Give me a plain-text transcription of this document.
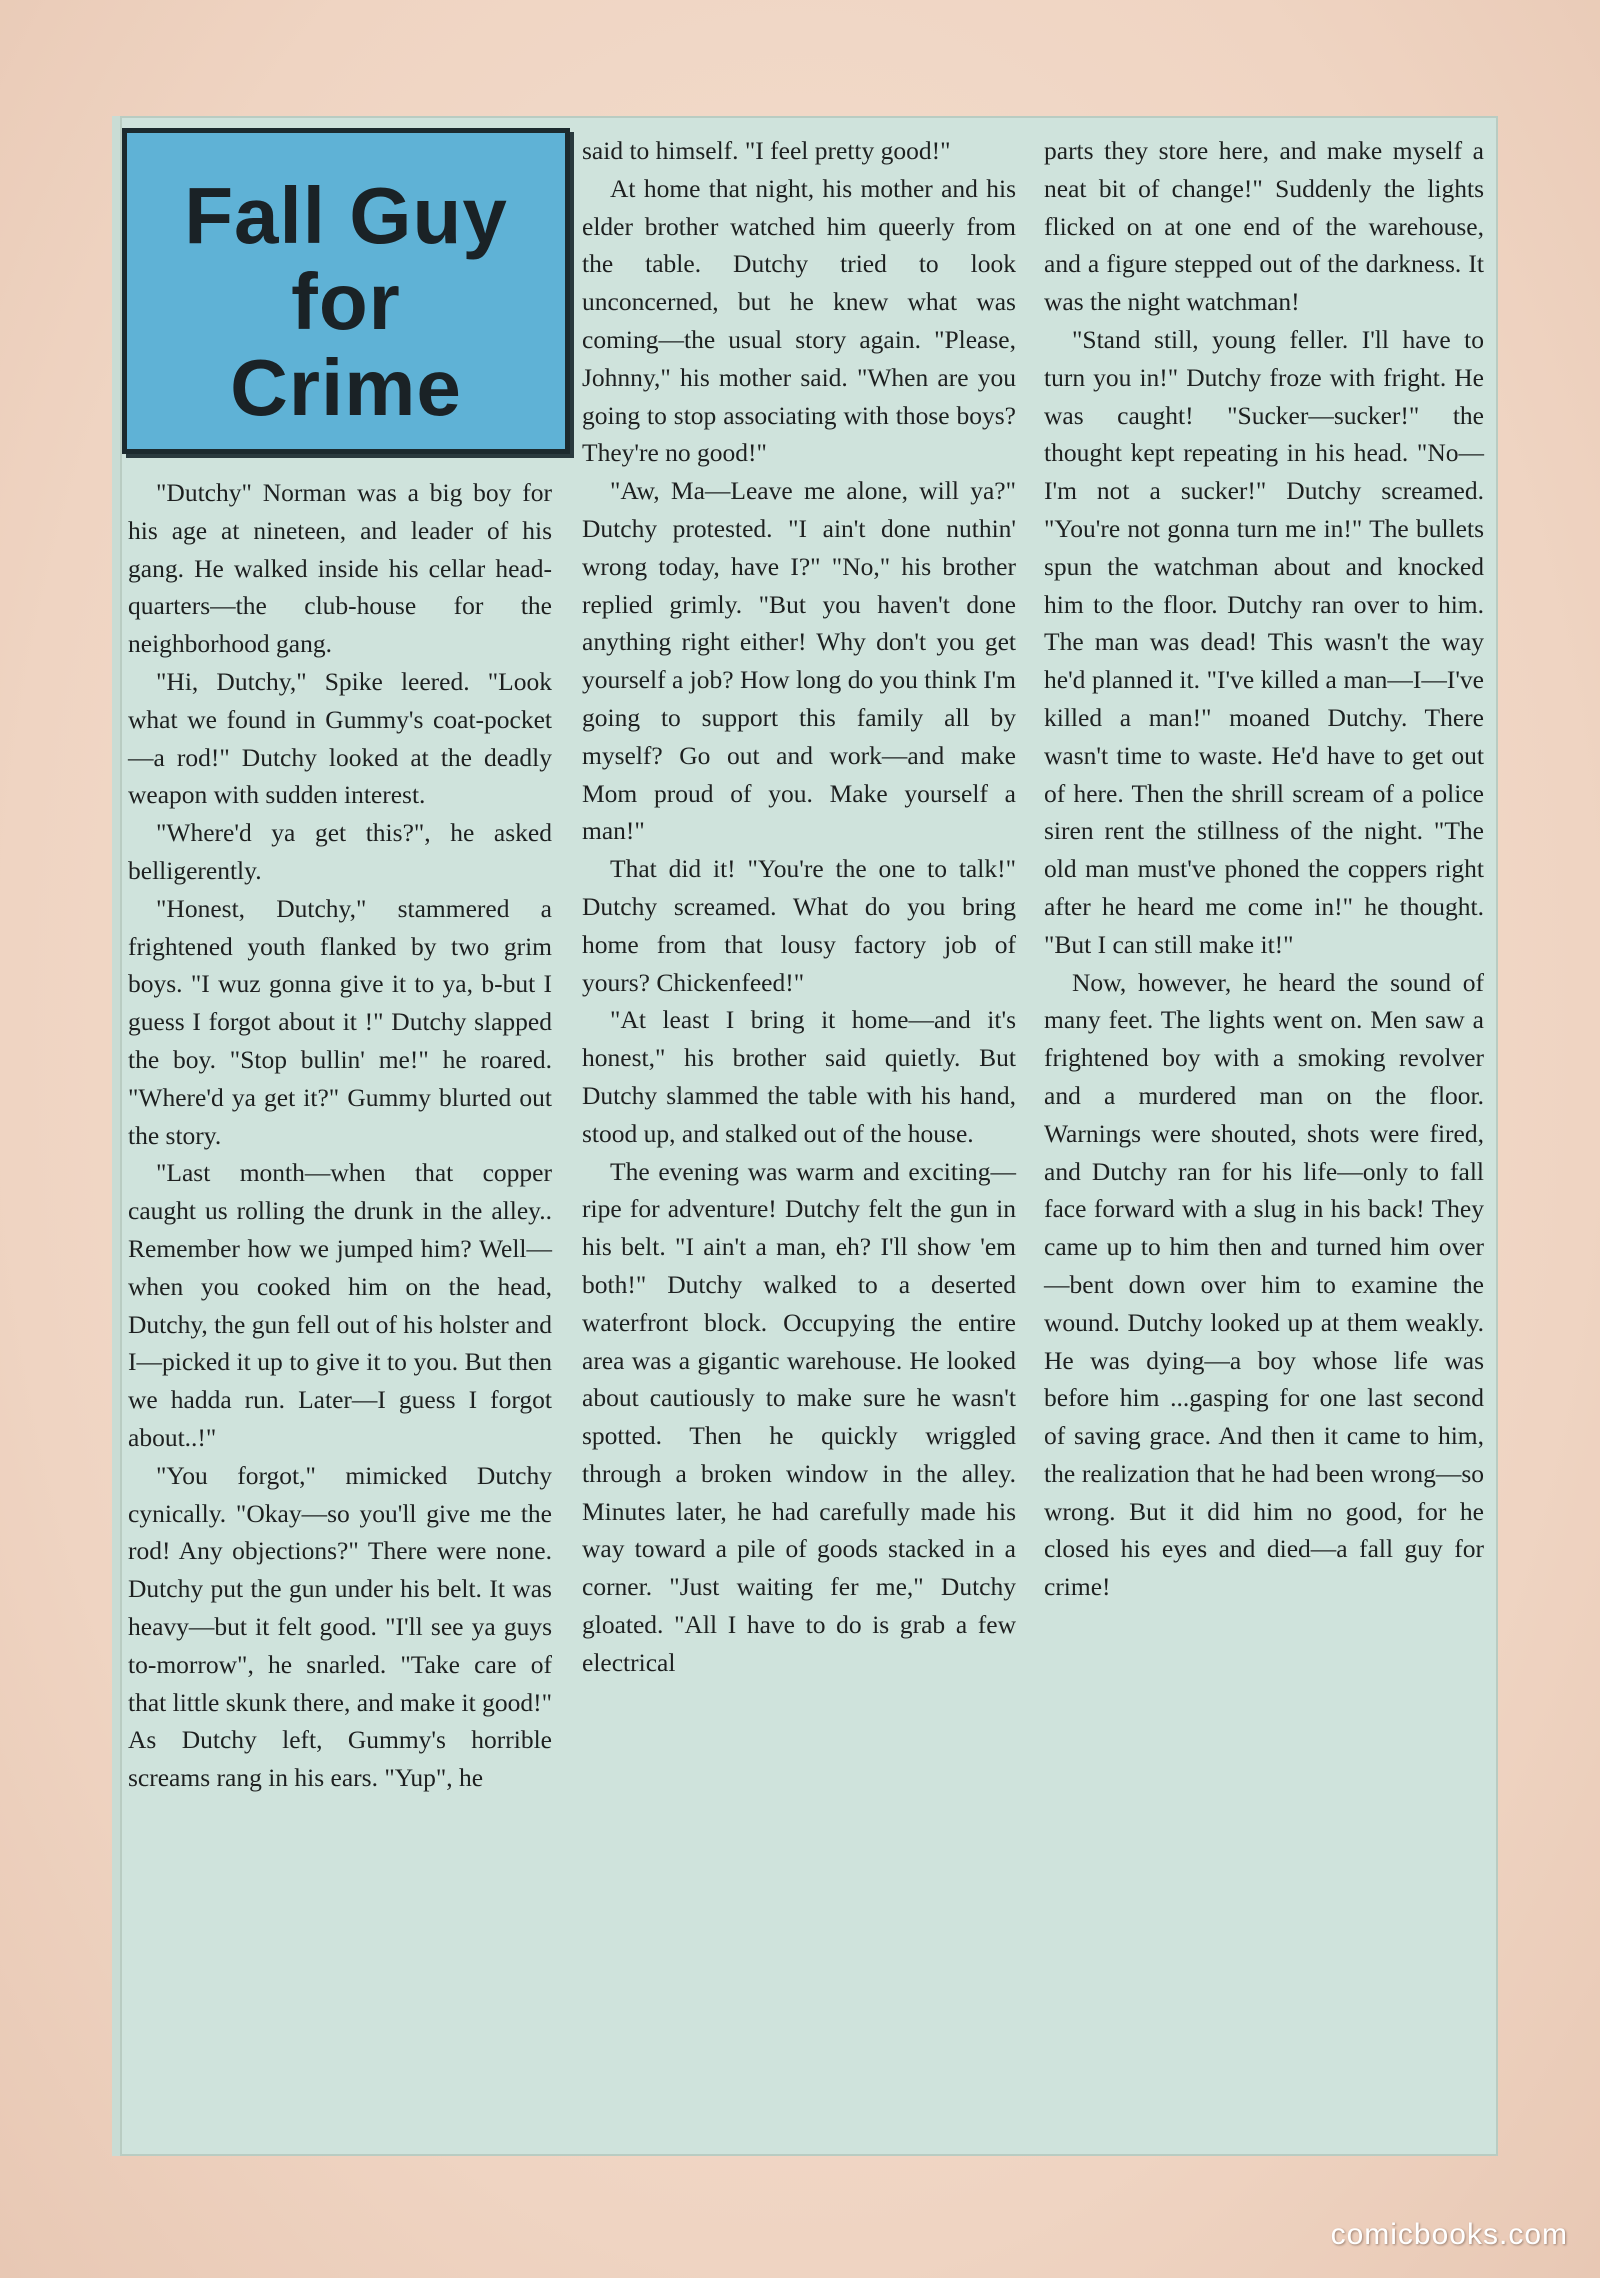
Fall Guy
for
Crime

"Dutchy" Norman was a big boy for his age at nineteen, and leader of his gang. He walked inside his cellar head-quarters—the club-house for the neighborhood gang.

"Hi, Dutchy," Spike leered. "Look what we found in Gummy's coat-pocket—a rod!" Dutchy looked at the deadly weapon with sudden interest.

"Where'd ya get this?", he asked belligerently.

"Honest, Dutchy," stammered a frightened youth flanked by two grim boys. "I wuz gonna give it to ya, b-but I guess I forgot about it !" Dutchy slapped the boy. "Stop bullin' me!" he roared. "Where'd ya get it?" Gummy blurted out the story.

"Last month—when that copper caught us rolling the drunk in the alley.. Remember how we jumped him? Well—when you cooked him on the head, Dutchy, the gun fell out of his holster and I—picked it up to give it to you. But then we hadda run. Later—I guess I forgot about..!"

"You forgot," mimicked Dutchy cynically. "Okay—so you'll give me the rod! Any objections?" There were none. Dutchy put the gun under his belt. It was heavy—but it felt good. "I'll see ya guys to-morrow", he snarled. "Take care of that little skunk there, and make it good!" As Dutchy left, Gummy's horrible screams rang in his ears. "Yup", he

said to himself. "I feel pretty good!"

At home that night, his mother and his elder brother watched him queerly from the table. Dutchy tried to look unconcerned, but he knew what was coming—the usual story again. "Please, Johnny," his mother said. "When are you going to stop associating with those boys? They're no good!"

"Aw, Ma—Leave me alone, will ya?" Dutchy protested. "I ain't done nuthin' wrong today, have I?" "No," his brother replied grimly. "But you haven't done anything right either! Why don't you get yourself a job? How long do you think I'm going to support this family all by myself? Go out and work—and make Mom proud of you. Make yourself a man!"

That did it! "You're the one to talk!" Dutchy screamed. What do you bring home from that lousy factory job of yours? Chickenfeed!"

"At least I bring it home—and it's honest," his brother said quietly. But Dutchy slammed the table with his hand, stood up, and stalked out of the house.

The evening was warm and exciting—ripe for adventure! Dutchy felt the gun in his belt. "I ain't a man, eh? I'll show 'em both!" Dutchy walked to a deserted waterfront block. Occupying the entire area was a gigantic warehouse. He looked about cautiously to make sure he wasn't spotted. Then he quickly wriggled through a broken window in the alley. Minutes later, he had carefully made his way toward a pile of goods stacked in a corner. "Just waiting fer me," Dutchy gloated. "All I have to do is grab a few electrical

parts they store here, and make myself a neat bit of change!" Suddenly the lights flicked on at one end of the warehouse, and a figure stepped out of the darkness. It was the night watchman!

"Stand still, young feller. I'll have to turn you in!" Dutchy froze with fright. He was caught! "Sucker—sucker!" the thought kept repeating in his head. "No—I'm not a sucker!" Dutchy screamed. "You're not gonna turn me in!" The bullets spun the watchman about and knocked him to the floor. Dutchy ran over to him. The man was dead! This wasn't the way he'd planned it. "I've killed a man—I—I've killed a man!" moaned Dutchy. There wasn't time to waste. He'd have to get out of here. Then the shrill scream of a police siren rent the stillness of the night. "The old man must've phoned the coppers right after he heard me come in!" he thought. "But I can still make it!"

Now, however, he heard the sound of many feet. The lights went on. Men saw a frightened boy with a smoking revolver and a murdered man on the floor. Warnings were shouted, shots were fired, and Dutchy ran for his life—only to fall face forward with a slug in his back! They came up to him then and turned him over—bent down over him to examine the wound. Dutchy looked up at them weakly. He was dying—a boy whose life was before him ...gasping for one last second of saving grace. And then it came to him, the realization that he had been wrong—so wrong. But it did him no good, for he closed his eyes and died—a fall guy for crime!

comicbooks.com
